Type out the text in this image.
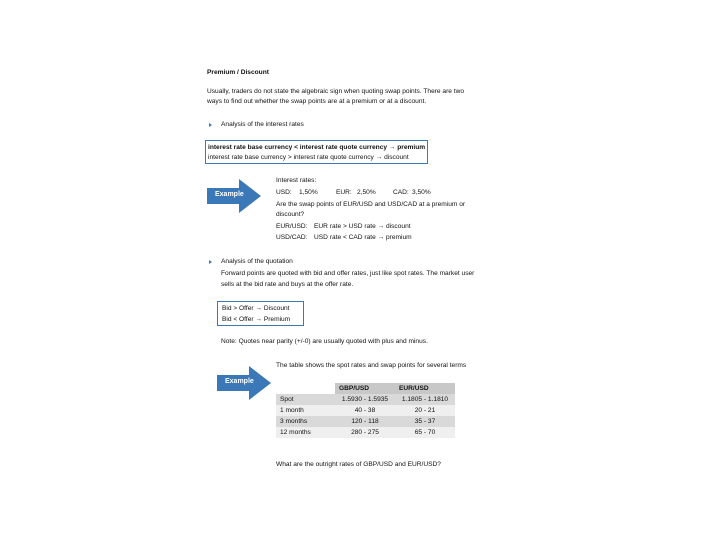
Premium / Discount
Usually, traders do not state the algebraic sign when quoting swap points. There are two
ways to find out whether the swap points are at a premium or at a discount.
Analysis of the interest rates
interest rate base currency < interest rate quote currency → premium
interest rate base currency > interest rate quote currency → discount
Example
Interest rates:
USD: 1,50%	EUR: 2,50%	CAD: 3,50%
Are the swap points of EUR/USD and USD/CAD at a premium or
discount?
EUR/USD: EUR rate > USD rate → discount
USD/CAD: USD rate < CAD rate → premium
Analysis of the quotation
Forward points are quoted with bid and offer rates, just like spot rates. The market user
sells at the bid rate and buys at the offer rate.
Bid > Offer → Discount
Bid < Offer → Premium
Note: Quotes near parity (+/-0) are usually quoted with plus and minus.
Example
The table shows the spot rates and swap points for several terms
	GBP/USD	EUR/USD
Spot	1.5930 - 1.5935	1.1805 - 1.1810
1 month	40 - 38	20 - 21
3 months	120 - 118	35 - 37
12 months	280 - 275	65 - 70
What are the outright rates of GBP/USD and EUR/USD?
